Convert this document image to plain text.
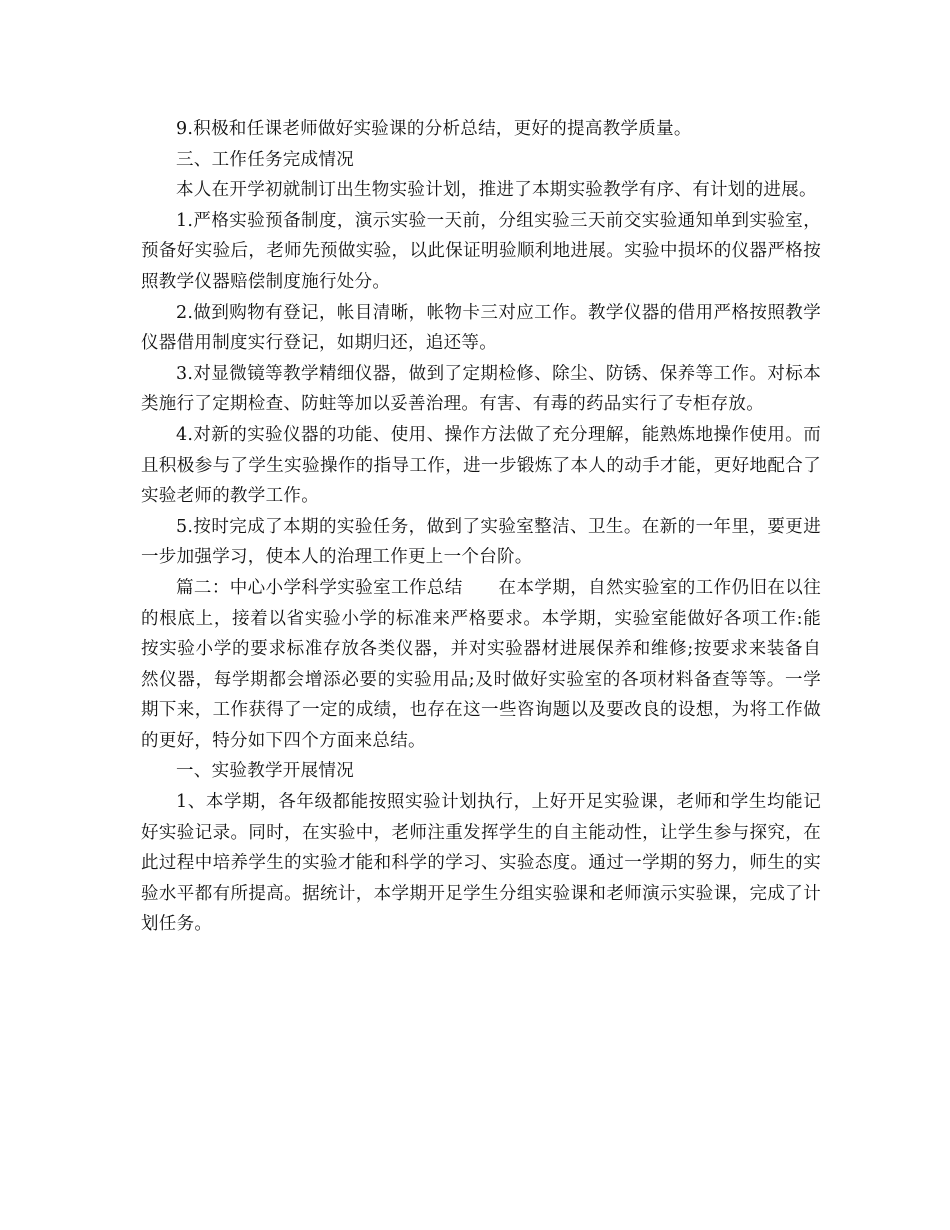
9.积极和任课老师做好实验课的分析总结，更好的提高教学质量。

三、工作任务完成情况

本人在开学初就制订出生物实验计划，推进了本期实验教学有序、有计划的进展。

1.严格实验预备制度，演示实验一天前，分组实验三天前交实验通知单到实验室，预备好实验后，老师先预做实验，以此保证明验顺利地进展。实验中损坏的仪器严格按照教学仪器赔偿制度施行处分。

2.做到购物有登记，帐目清晰，帐物卡三对应工作。教学仪器的借用严格按照教学仪器借用制度实行登记，如期归还，追还等。

3.对显微镜等教学精细仪器，做到了定期检修、除尘、防锈、保养等工作。对标本类施行了定期检查、防蛀等加以妥善治理。有害、有毒的药品实行了专柜存放。

4.对新的实验仪器的功能、使用、操作方法做了充分理解，能熟炼地操作使用。而且积极参与了学生实验操作的指导工作，进一步锻炼了本人的动手才能，更好地配合了实验老师的教学工作。

5.按时完成了本期的实验任务，做到了实验室整洁、卫生。在新的一年里，要更进一步加强学习，使本人的治理工作更上一个台阶。

篇二：中心小学科学实验室工作总结　　在本学期，自然实验室的工作仍旧在以往的根底上，接着以省实验小学的标准来严格要求。本学期，实验室能做好各项工作:能按实验小学的要求标准存放各类仪器，并对实验器材进展保养和维修;按要求来装备自然仪器，每学期都会增添必要的实验用品;及时做好实验室的各项材料备查等等。一学期下来，工作获得了一定的成绩，也存在这一些咨询题以及要改良的设想，为将工作做的更好，特分如下四个方面来总结。

一、实验教学开展情况

1、本学期，各年级都能按照实验计划执行，上好开足实验课，老师和学生均能记好实验记录。同时，在实验中，老师注重发挥学生的自主能动性，让学生参与探究，在此过程中培养学生的实验才能和科学的学习、实验态度。通过一学期的努力，师生的实验水平都有所提高。据统计，本学期开足学生分组实验课和老师演示实验课，完成了计划任务。
